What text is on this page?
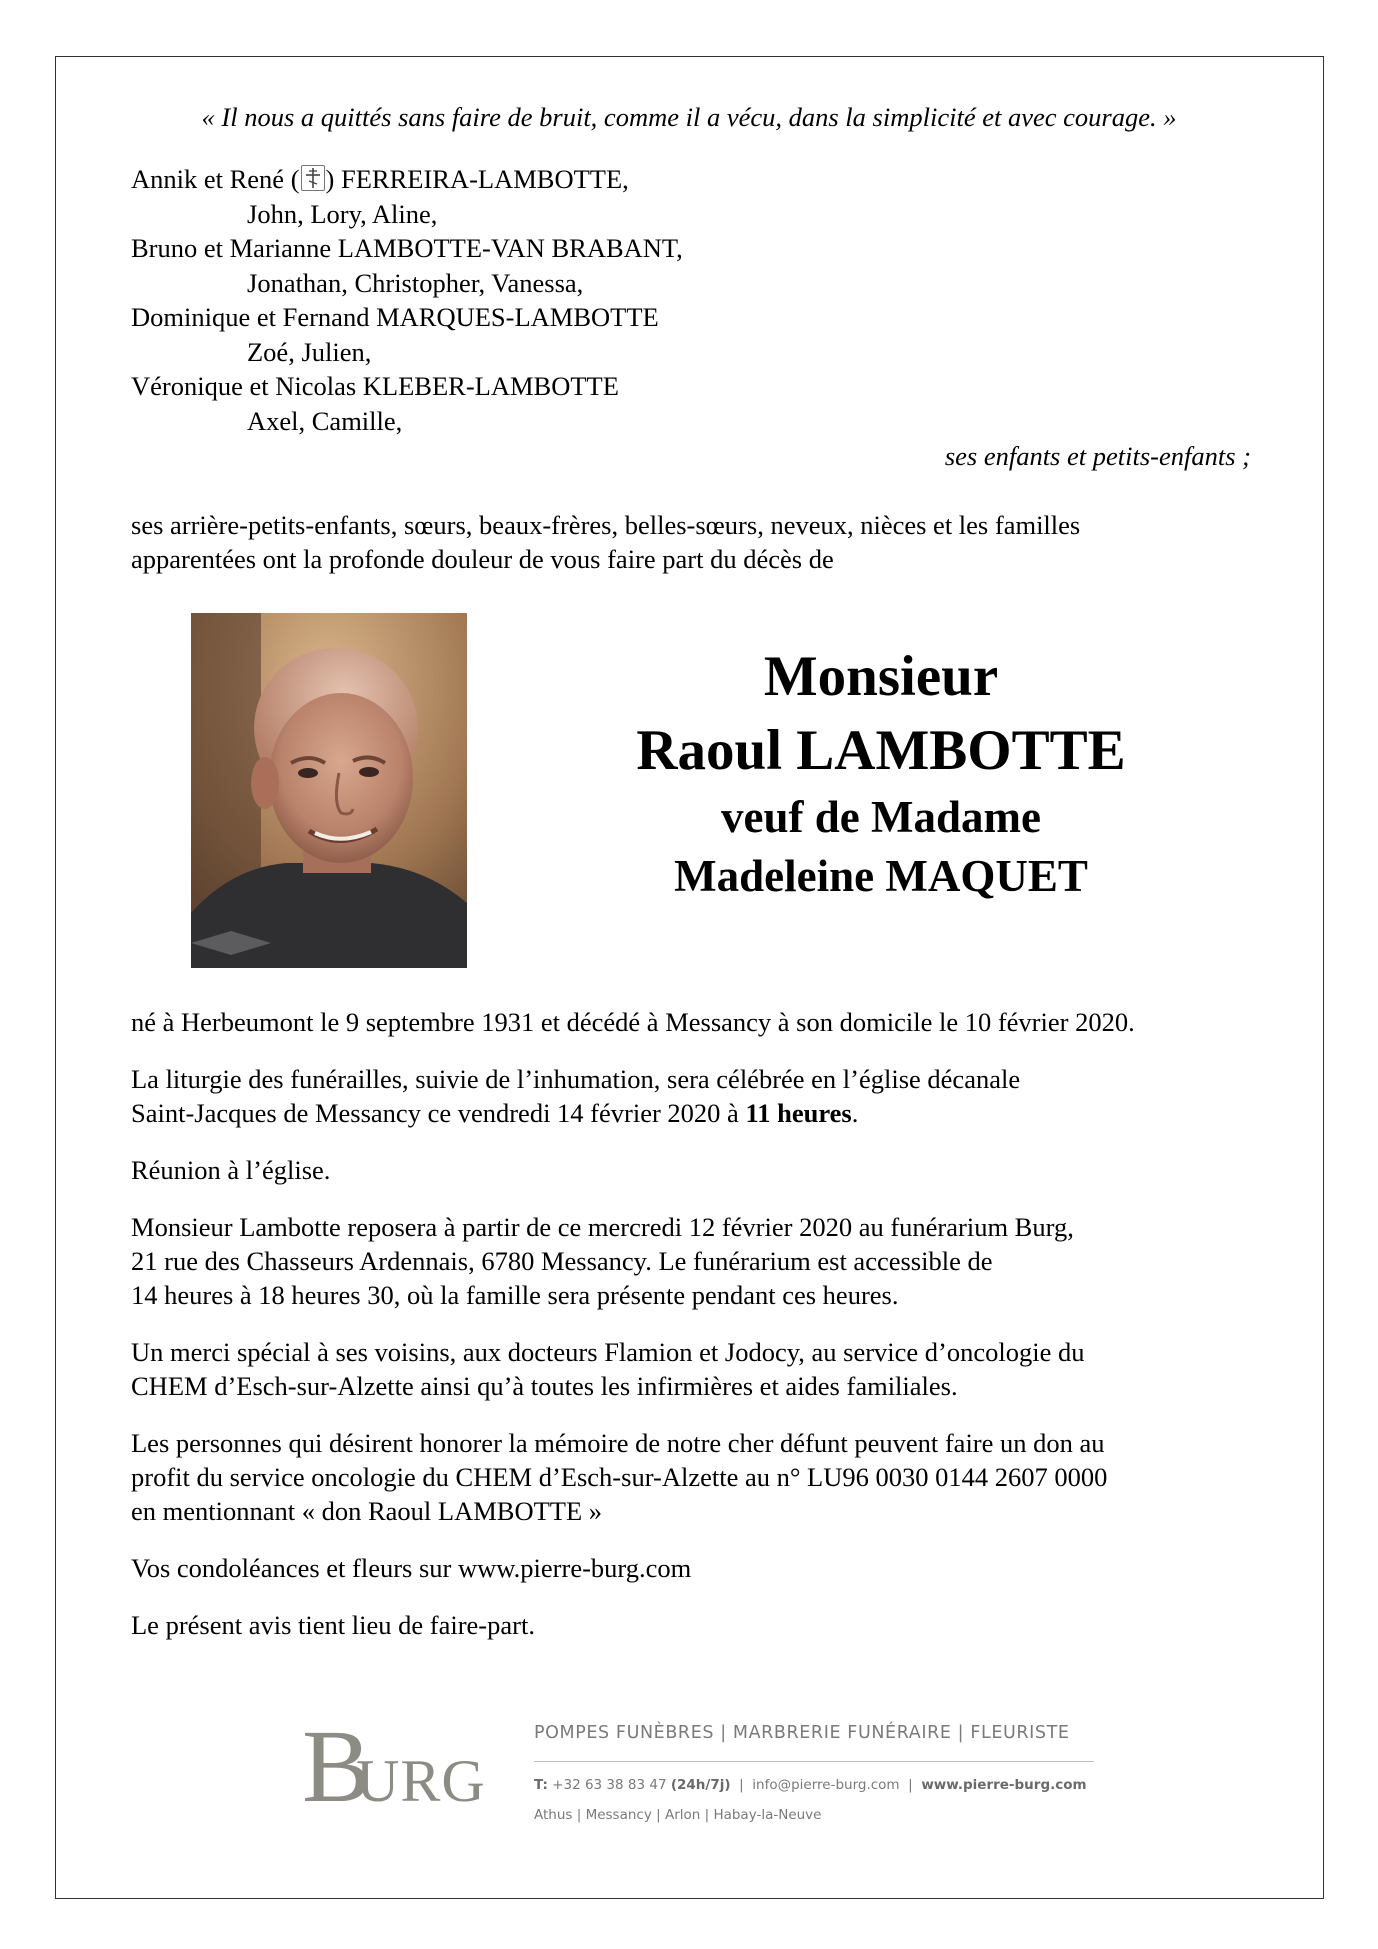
« Il nous a quittés sans faire de bruit, comme il a vécu, dans la simplicité et avec courage. »
Annik et René ( ) FERREIRA-LAMBOTTE,
John, Lory, Aline,
Bruno et Marianne LAMBOTTE-VAN BRABANT,
Jonathan, Christopher, Vanessa,
Dominique et Fernand MARQUES-LAMBOTTE
Zoé, Julien,
Véronique et Nicolas KLEBER-LAMBOTTE
Axel, Camille,
ses enfants et petits-enfants ;
ses arrière-petits-enfants, sœurs, beaux-frères, belles-sœurs, neveux, nièces et les familles
apparentées ont la profonde douleur de vous faire part du décès de
Monsieur
Raoul LAMBOTTE
veuf de Madame
Madeleine MAQUET
né à Herbeumont le 9 septembre 1931 et décédé à Messancy à son domicile le 10 février 2020.
La liturgie des funérailles, suivie de l’inhumation, sera célébrée en l’église décanale
Saint-Jacques de Messancy ce vendredi 14 février 2020 à 11 heures.
Réunion à l’église.
Monsieur Lambotte reposera à partir de ce mercredi 12 février 2020 au funérarium Burg,
21 rue des Chasseurs Ardennais, 6780 Messancy. Le funérarium est accessible de
14 heures à 18 heures 30, où la famille sera présente pendant ces heures.
Un merci spécial à ses voisins, aux docteurs Flamion et Jodocy, au service d’oncologie du
CHEM d’Esch-sur-Alzette ainsi qu’à toutes les infirmières et aides familiales.
Les personnes qui désirent honorer la mémoire de notre cher défunt peuvent faire un don au
profit du service oncologie du CHEM d’Esch-sur-Alzette au n° LU96 0030 0144 2607 0000
en mentionnant « don Raoul LAMBOTTE »
Vos condoléances et fleurs sur www.pierre-burg.com
Le présent avis tient lieu de faire-part.
B
URG
POMPES FUNÈBRES | MARBRERIE FUNÉRAIRE | FLEURISTE
T: +32 63 38 83 47 (24h/7j)  |  info@pierre-burg.com  |  www.pierre-burg.com
Athus | Messancy | Arlon | Habay-la-Neuve
